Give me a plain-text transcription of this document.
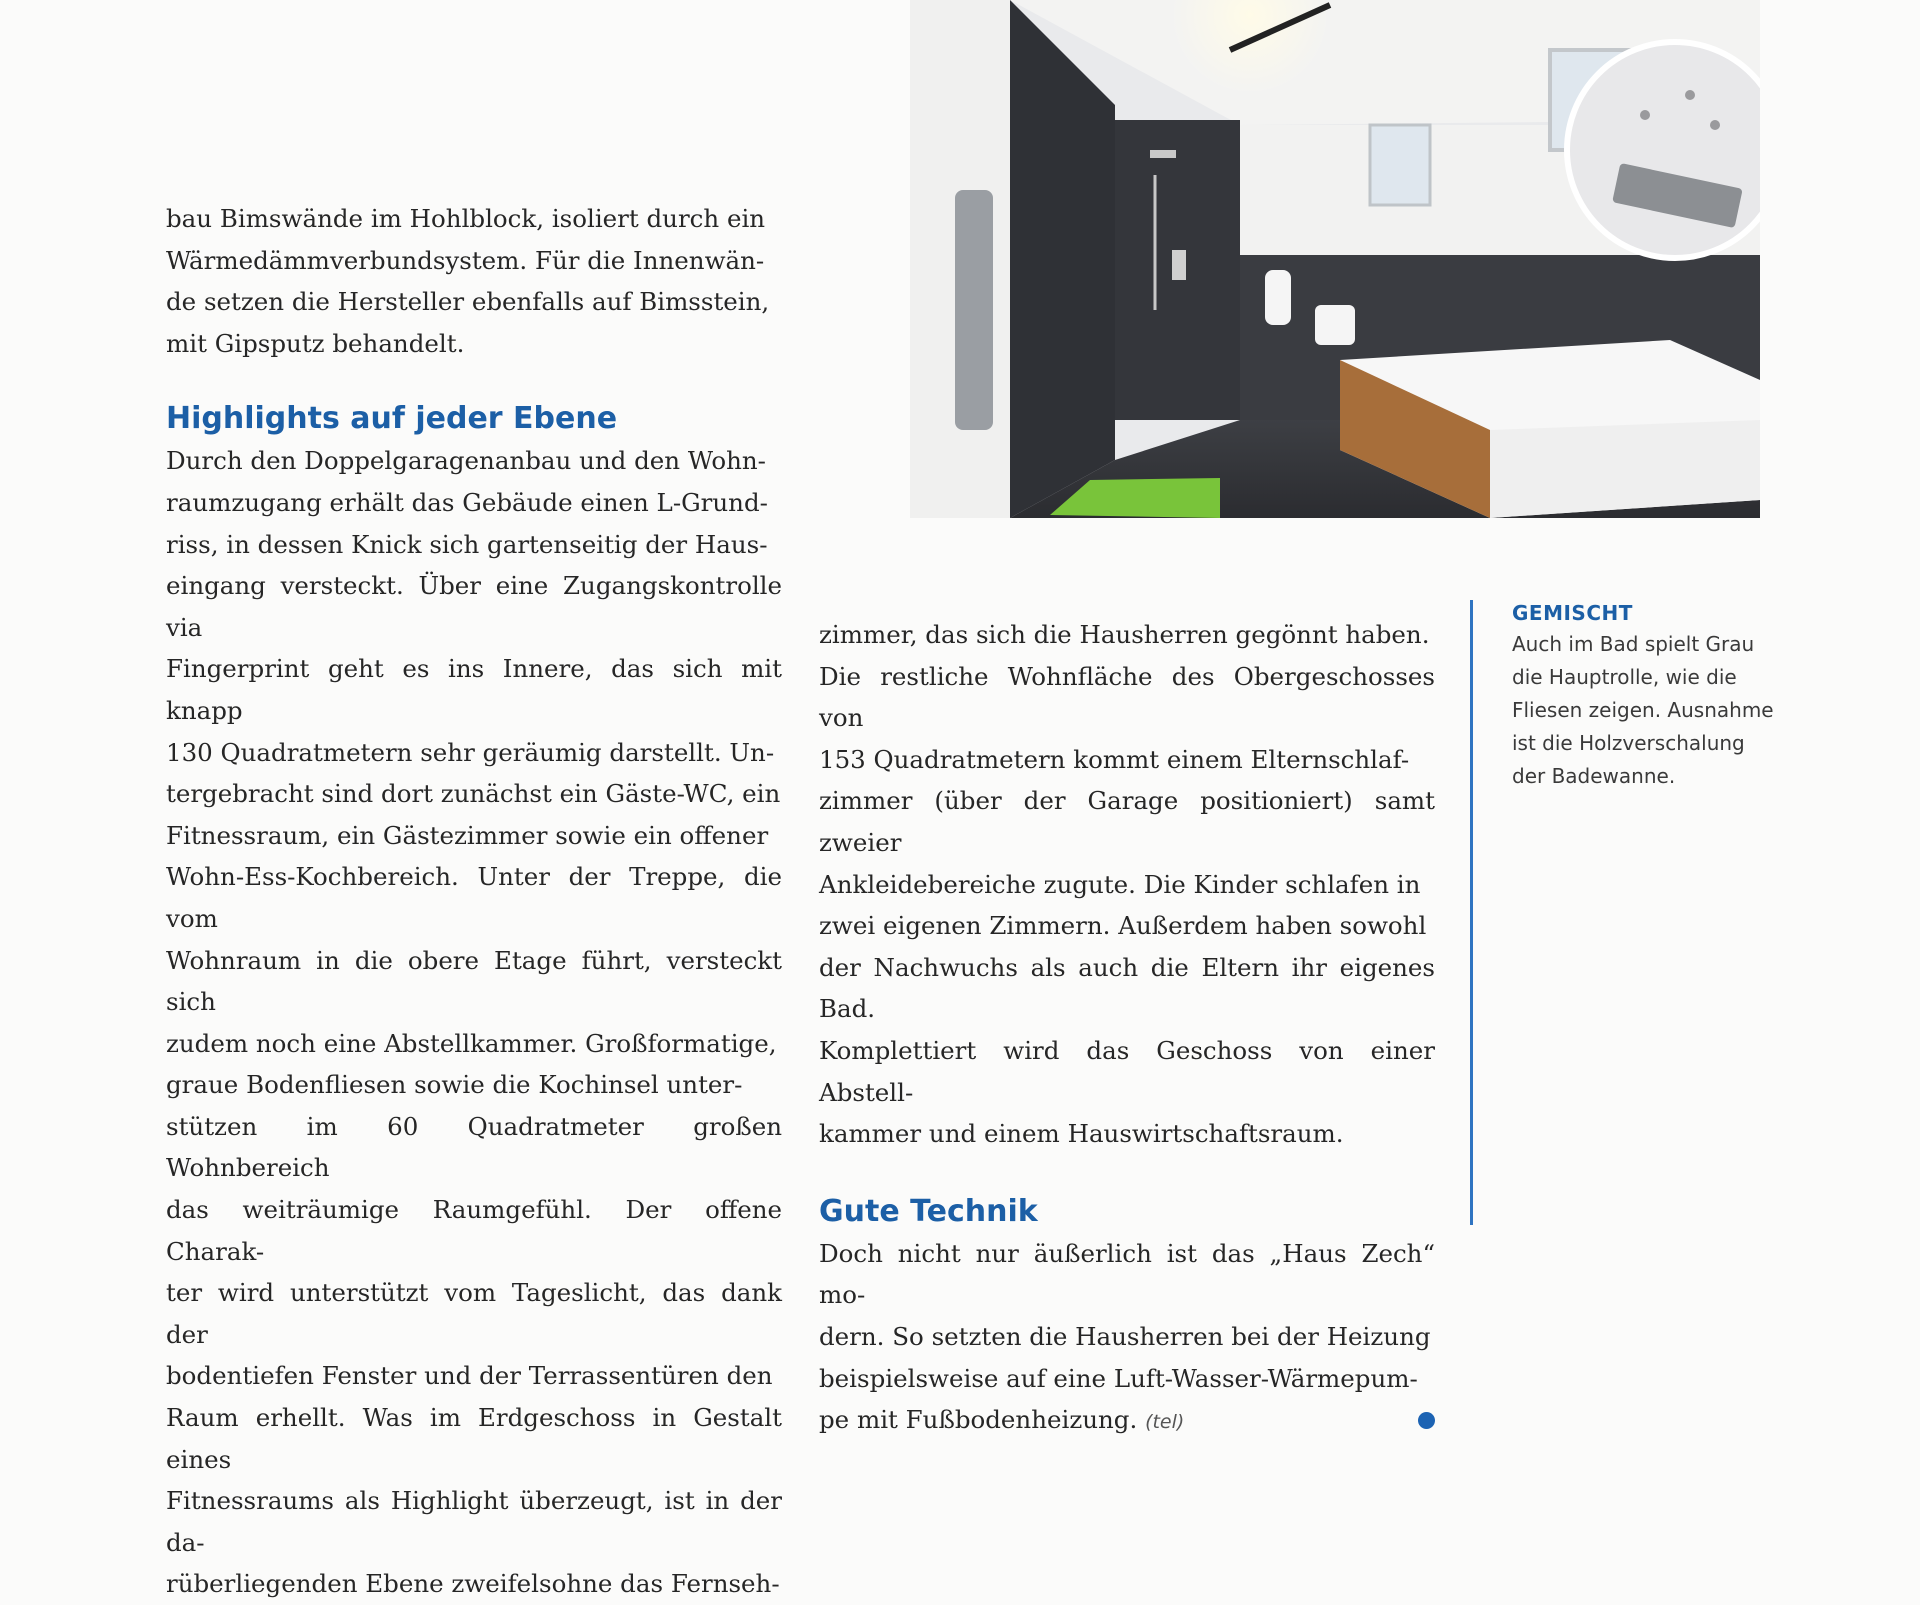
bau Bimswände im Hohlblock, isoliert durch ein
Wärmedämmverbundsystem. Für die Innenwän-
de setzen die Hersteller ebenfalls auf Bimsstein,
mit Gipsputz behandelt.

Highlights auf jeder Ebene

Durch den Doppelgaragenanbau und den Wohn-
raumzugang erhält das Gebäude einen L-Grund-
riss, in dessen Knick sich gartenseitig der Haus-
eingang versteckt. Über eine Zugangskontrolle via
Fingerprint geht es ins Innere, das sich mit knapp
130 Quadratmetern sehr geräumig darstellt. Un-
tergebracht sind dort zunächst ein Gäste-WC, ein
Fitnessraum, ein Gästezimmer sowie ein offener
Wohn-Ess-Kochbereich. Unter der Treppe, die vom
Wohnraum in die obere Etage führt, versteckt sich
zudem noch eine Abstellkammer. Großformatige,
graue Bodenfliesen sowie die Kochinsel unter-
stützen im 60 Quadratmeter großen Wohnbereich
das weiträumige Raumgefühl. Der offene Charak-
ter wird unterstützt vom Tageslicht, das dank der
bodentiefen Fenster und der Terrassentüren den
Raum erhellt. Was im Erdgeschoss in Gestalt eines
Fitnessraums als Highlight überzeugt, ist in der da-
rüberliegenden Ebene zweifelsohne das Fernseh-

zimmer, das sich die Hausherren gegönnt haben.
Die restliche Wohnfläche des Obergeschosses von
153 Quadratmetern kommt einem Elternschlaf-
zimmer (über der Garage positioniert) samt zweier
Ankleidebereiche zugute. Die Kinder schlafen in
zwei eigenen Zimmern. Außerdem haben sowohl
der Nachwuchs als auch die Eltern ihr eigenes Bad.
Komplettiert wird das Geschoss von einer Abstell-
kammer und einem Hauswirtschaftsraum.

Gute Technik

Doch nicht nur äußerlich ist das „Haus Zech“ mo-
dern. So setzten die Hausherren bei der Heizung
beispielsweise auf eine Luft-Wasser-Wärmepum-
pe mit Fußbodenheizung. (tel)

GEMISCHT
Auch im Bad spielt Grau
die Hauptrolle, wie die
Fliesen zeigen. Ausnahme
ist die Holzverschalung
der Badewanne.
